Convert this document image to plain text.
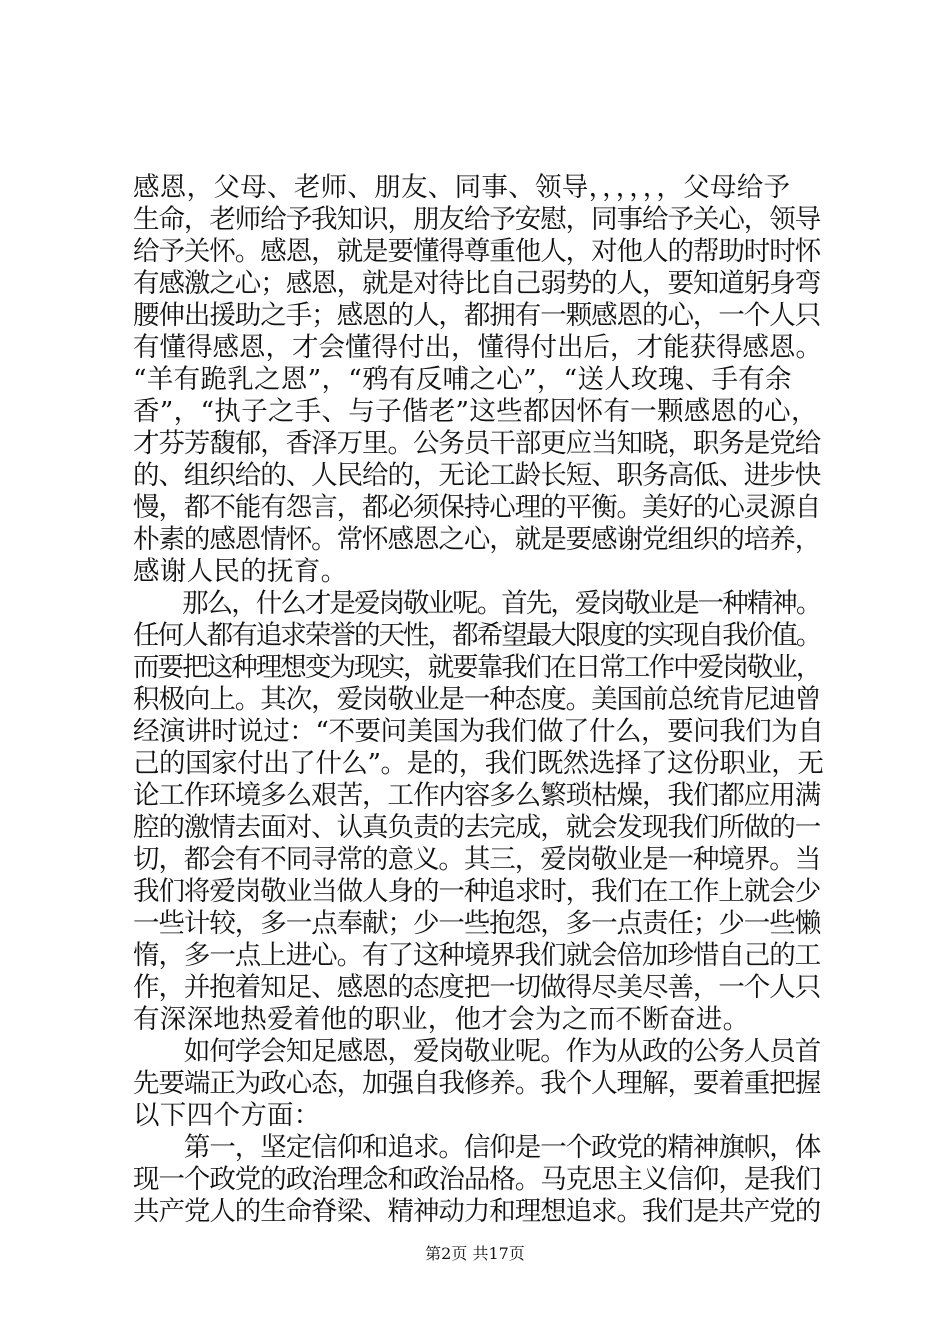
感恩，父母、老师、朋友、同事、领导，，，，，，父母给予
生命，老师给予我知识，朋友给予安慰，同事给予关心，领导
给予关怀。感恩，就是要懂得尊重他人，对他人的帮助时时怀
有感激之心；感恩，就是对待比自己弱势的人，要知道躬身弯
腰伸出援助之手；感恩的人，都拥有一颗感恩的心，一个人只
有懂得感恩，才会懂得付出，懂得付出后，才能获得感恩。
“羊有跪乳之恩”，“鸦有反哺之心”，“送人玫瑰、手有余
香”，“执子之手、与子偕老”这些都因怀有一颗感恩的心，
才芬芳馥郁，香泽万里。公务员干部更应当知晓，职务是党给
的、组织给的、人民给的，无论工龄长短、职务高低、进步快
慢，都不能有怨言，都必须保持心理的平衡。美好的心灵源自
朴素的感恩情怀。常怀感恩之心，就是要感谢党组织的培养，
感谢人民的抚育。
　　那么，什么才是爱岗敬业呢。首先，爱岗敬业是一种精神。
任何人都有追求荣誉的天性，都希望最大限度的实现自我价值。
而要把这种理想变为现实，就要靠我们在日常工作中爱岗敬业，
积极向上。其次，爱岗敬业是一种态度。美国前总统肯尼迪曾
经演讲时说过：“不要问美国为我们做了什么，要问我们为自
己的国家付出了什么”。是的，我们既然选择了这份职业，无
论工作环境多么艰苦，工作内容多么繁琐枯燥，我们都应用满
腔的激情去面对、认真负责的去完成，就会发现我们所做的一
切，都会有不同寻常的意义。其三，爱岗敬业是一种境界。当
我们将爱岗敬业当做人身的一种追求时，我们在工作上就会少
一些计较，多一点奉献；少一些抱怨，多一点责任；少一些懒
惰，多一点上进心。有了这种境界我们就会倍加珍惜自己的工
作，并抱着知足、感恩的态度把一切做得尽美尽善，一个人只
有深深地热爱着他的职业，他才会为之而不断奋进。
　　如何学会知足感恩，爱岗敬业呢。作为从政的公务人员首
先要端正为政心态，加强自我修养。我个人理解，要着重把握
以下四个方面：
　　第一，坚定信仰和追求。信仰是一个政党的精神旗帜，体
现一个政党的政治理念和政治品格。马克思主义信仰，是我们
共产党人的生命脊梁、精神动力和理想追求。我们是共产党的
第2页 共17页
